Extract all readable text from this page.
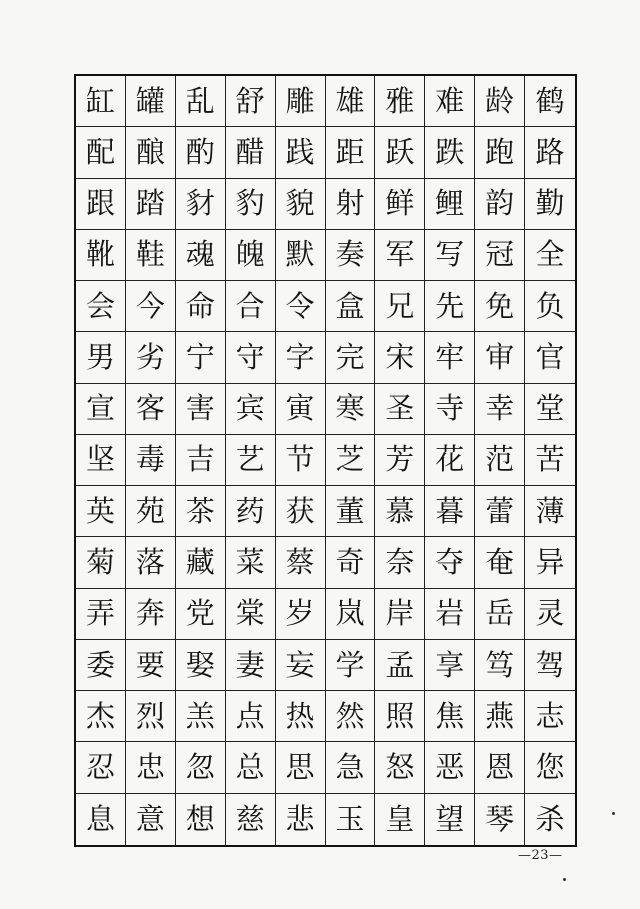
缸 罐 乱 舒 雕 雄 雅 难 龄 鹤
配 酿 酌 醋 践 距 跃 跌 跑 路
跟 踏 豺 豹 貌 射 鲜 鲤 韵 勤
靴 鞋 魂 魄 默 奏 军 写 冠 全
会 今 命 合 令 盒 兄 先 免 负
男 劣 宁 守 字 完 宋 牢 审 官
宣 客 害 宾 寅 寒 圣 寺 幸 堂
坚 毒 吉 艺 节 芝 芳 花 范 苦
英 苑 茶 药 获 董 慕 暮 蕾 薄
菊 落 藏 菜 蔡 奇 奈 夺 奄 异
弄 奔 党 棠 岁 岚 岸 岩 岳 灵
委 要 娶 妻 妄 学 孟 享 笃 驾
杰 烈 羔 点 热 然 照 焦 燕 志
忍 忠 忽 总 思 急 怒 恶 恩 您
息 意 想 慈 悲 玉 皇 望 琴 杀
—23—
